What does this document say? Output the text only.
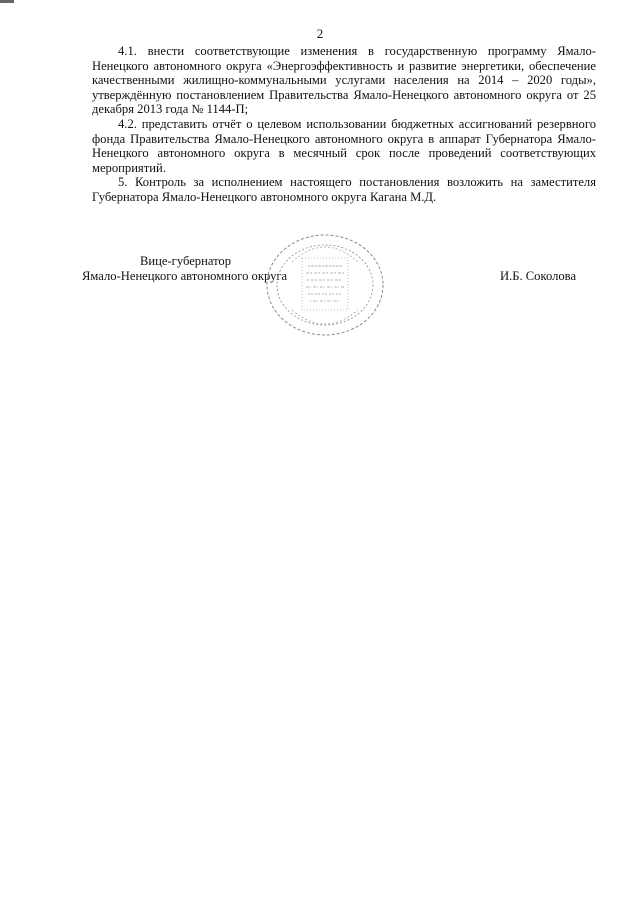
2

4.1. внести соответствующие изменения в государственную программу Ямало-Ненецкого автономного округа «Энергоэффективность и развитие энергетики, обеспечение качественными жилищно-коммунальными услугами населения на 2014 – 2020 годы», утверждённую постановлением Правительства Ямало-Ненецкого автономного округа от 25 декабря 2013 года № 1144-П;

4.2. представить отчёт о целевом использовании бюджетных ассигнований резервного фонда Правительства Ямало-Ненецкого автономного округа в аппарат Губернатора Ямало-Ненецкого автономного округа в месячный срок после проведений соответствующих мероприятий.

5. Контроль за исполнением настоящего постановления возложить на заместителя Губернатора Ямало-Ненецкого автономного округа Кагана М.Д.

Вице-губернатор
Ямало-Ненецкого автономного округа	И.Б. Соколова
